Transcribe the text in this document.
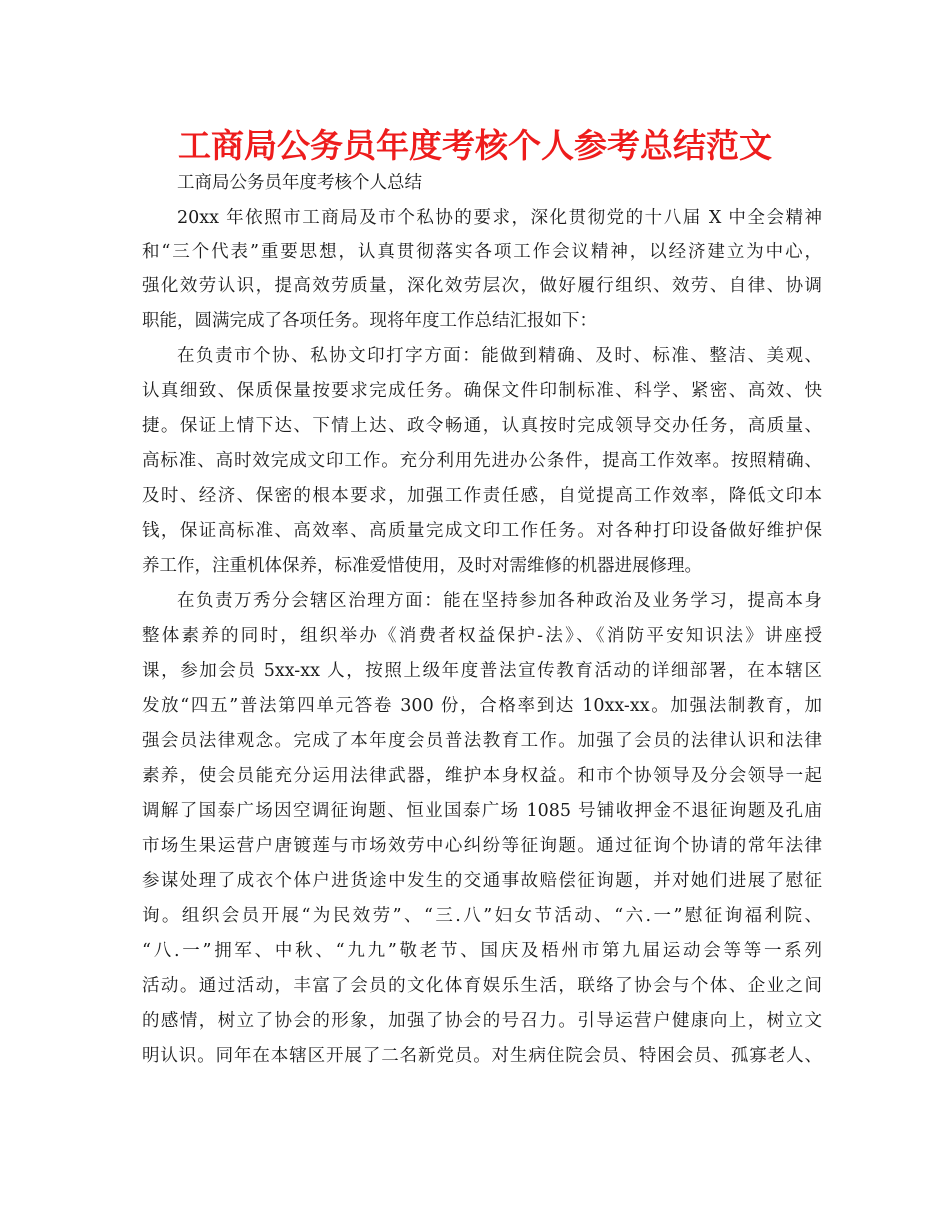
工商局公务员年度考核个人参考总结范文
工商局公务员年度考核个人总结
20xx 年依照市工商局及市个私协的要求，深化贯彻党的十八届 X 中全会精神
和“三个代表”重要思想，认真贯彻落实各项工作会议精神，以经济建立为中心，
强化效劳认识，提高效劳质量，深化效劳层次，做好履行组织、效劳、自律、协调
职能，圆满完成了各项任务。现将年度工作总结汇报如下：
在负责市个协、私协文印打字方面：能做到精确、及时、标准、整洁、美观、
认真细致、保质保量按要求完成任务。确保文件印制标准、科学、紧密、高效、快
捷。保证上情下达、下情上达、政令畅通，认真按时完成领导交办任务，高质量、
高标准、高时效完成文印工作。充分利用先进办公条件，提高工作效率。按照精确、
及时、经济、保密的根本要求，加强工作责任感，自觉提高工作效率，降低文印本
钱，保证高标准、高效率、高质量完成文印工作任务。对各种打印设备做好维护保
养工作，注重机体保养，标准爱惜使用，及时对需维修的机器进展修理。
在负责万秀分会辖区治理方面：能在坚持参加各种政治及业务学习，提高本身
整体素养的同时，组织举办《消费者权益保护-法》、《消防平安知识法》讲座授
课，参加会员 5xx-xx 人，按照上级年度普法宣传教育活动的详细部署，在本辖区
发放“四五”普法第四单元答卷 300 份，合格率到达 10xx-xx。加强法制教育，加
强会员法律观念。完成了本年度会员普法教育工作。加强了会员的法律认识和法律
素养，使会员能充分运用法律武器，维护本身权益。和市个协领导及分会领导一起
调解了国泰广场因空调征询题、恒业国泰广场 1085 号铺收押金不退征询题及孔庙
市场生果运营户唐镀莲与市场效劳中心纠纷等征询题。通过征询个协请的常年法律
参谋处理了成衣个体户进货途中发生的交通事故赔偿征询题，并对她们进展了慰征
询。组织会员开展“为民效劳”、“三.八”妇女节活动、“六.一”慰征询福利院、
“八.一”拥军、中秋、“九九”敬老节、国庆及梧州市第九届运动会等等一系列
活动。通过活动，丰富了会员的文化体育娱乐生活，联络了协会与个体、企业之间
的感情，树立了协会的形象，加强了协会的号召力。引导运营户健康向上，树立文
明认识。同年在本辖区开展了二名新党员。对生病住院会员、特困会员、孤寡老人、
